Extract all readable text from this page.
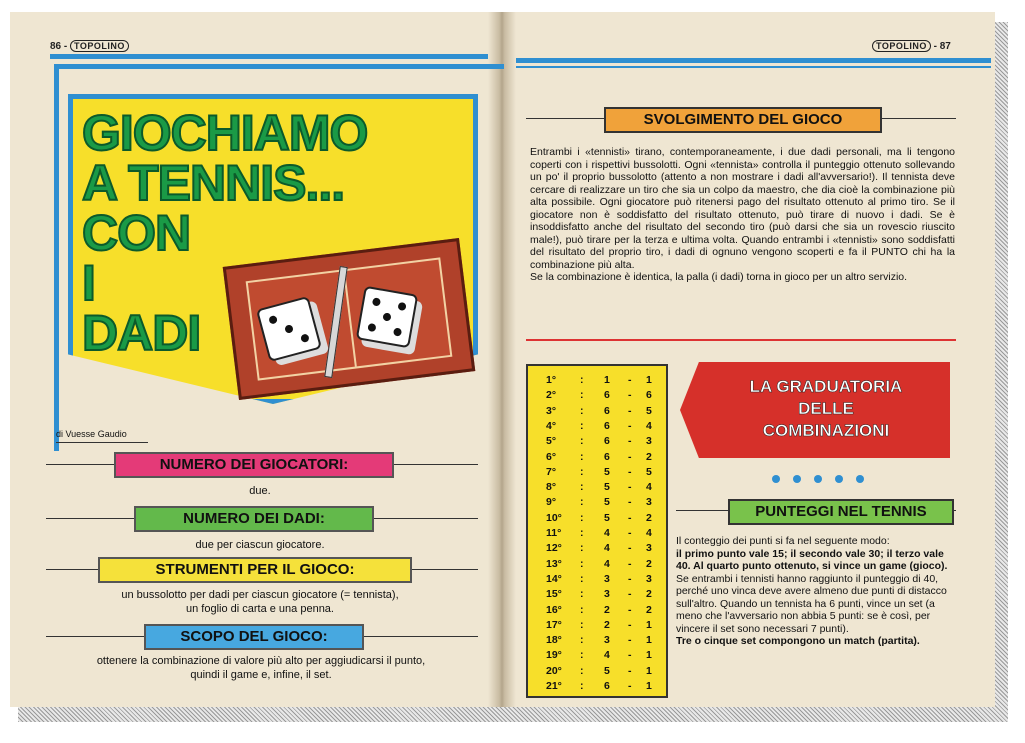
86 - TOPOLINO
GIOCHIAMO
A TENNIS...
CON
I
DADI
di Vuesse Gaudio
NUMERO DEI GIOCATORI:
due.
NUMERO DEI DADI:
due per ciascun giocatore.
STRUMENTI PER IL GIOCO:
un bussolotto per dadi per ciascun giocatore (= tennista),
un foglio di carta e una penna.
SCOPO DEL GIOCO:
ottenere la combinazione di valore più alto per aggiudicarsi il punto,
quindi il game e, infine, il set.
TOPOLINO - 87
SVOLGIMENTO DEL GIOCO
Entrambi i «tennisti» tirano, contemporaneamente, i due dadi personali, ma li tengono coperti con i rispettivi bussolotti. Ogni «tennista» controlla il punteggio ottenuto sollevando un po' il proprio bussolotto (attento a non mostrare i dadi all'avversario!). Il tennista deve cercare di realizzare un tiro che sia un colpo da maestro, che dia cioè la combinazione più alta possibile. Ogni giocatore può ritenersi pago del risultato ottenuto al primo tiro. Se il giocatore non è soddisfatto del risultato ottenuto, può tirare di nuovo i dadi. Se è insoddisfatto anche del risultato del secondo tiro (può darsi che sia un rovescio riuscito male!), può tirare per la terza e ultima volta. Quando entrambi i «tennisti» sono soddisfatti del risultato del proprio tiro, i dadi di ognuno vengono scoperti e fa il PUNTO chi ha la combinazione più alta.
Se la combinazione è identica, la palla (i dadi) torna in gioco per un altro servizio.
1° : 1 - 1
2° : 6 - 6
3° : 6 - 5
4° : 6 - 4
5° : 6 - 3
6° : 6 - 2
7° : 5 - 5
8° : 5 - 4
9° : 5 - 3
10° : 5 - 2
11° : 4 - 4
12° : 4 - 3
13° : 4 - 2
14° : 3 - 3
15° : 3 - 2
16° : 2 - 2
17° : 2 - 1
18° : 3 - 1
19° : 4 - 1
20° : 5 - 1
21° : 6 - 1
LA GRADUATORIA
DELLE
COMBINAZIONI
PUNTEGGI NEL TENNIS
Il conteggio dei punti si fa nel seguente modo:
il primo punto vale 15; il secondo vale 30; il terzo vale 40. Al quarto punto ottenuto, si vince un game (gioco).
Se entrambi i tennisti hanno raggiunto il punteggio di 40, perché uno vinca deve avere almeno due punti di distacco sull'altro. Quando un tennista ha 6 punti, vince un set (a meno che l'avversario non abbia 5 punti: se è così, per vincere il set sono necessari 7 punti).
Tre o cinque set compongono un match (partita).
